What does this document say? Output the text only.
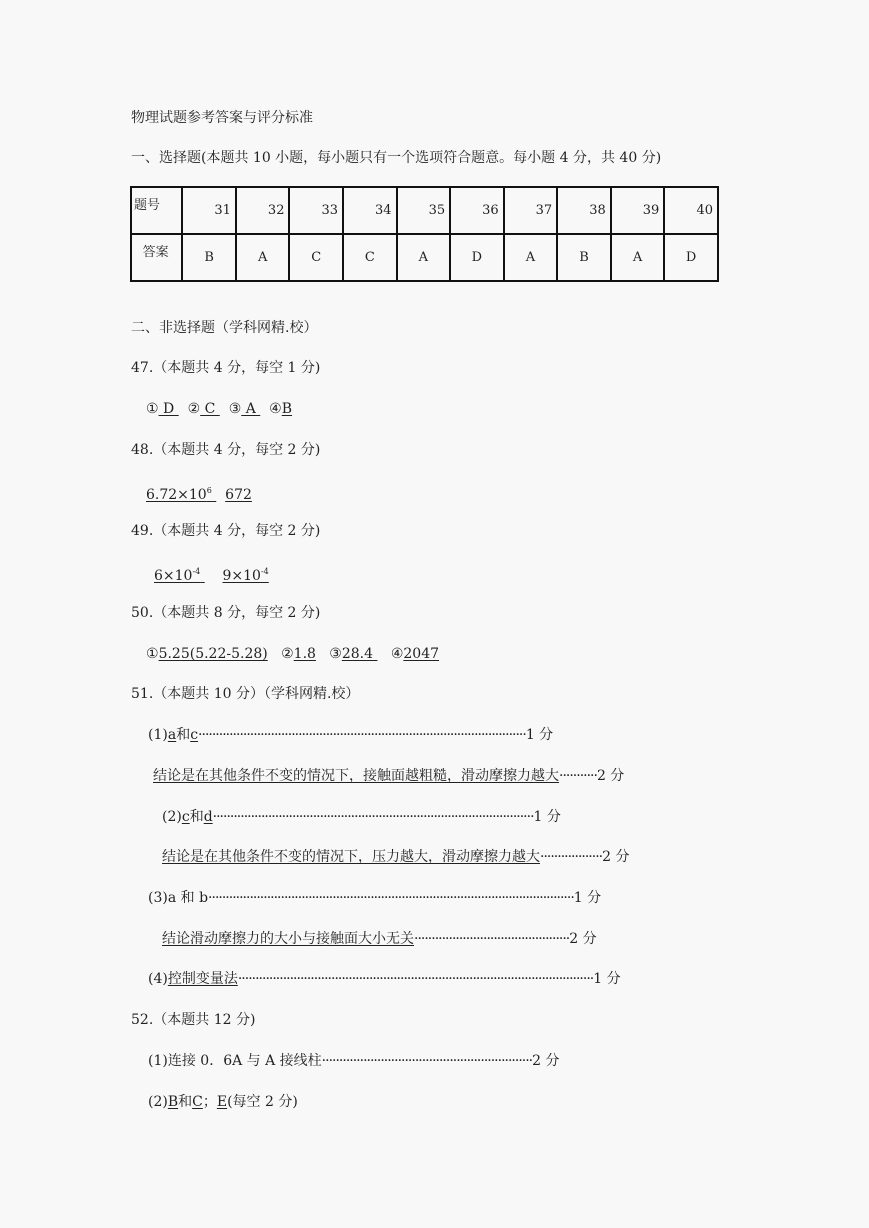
物理试题参考答案与评分标准
一、选择题(本题共 10 小题，每小题只有一个选项符合题意。每小题 4 分，共 40 分)
题号	31	32	33	34	35	36	37	38	39	40
答案	B	A	C	C	A	D	A	B	A	D
二、非选择题（学科网精.校）
47.（本题共 4 分，每空 1 分)
① D   ② C   ③ A   ④B
48.（本题共 4 分，每空 2 分)
$6.72\times 10^6$   672
49.（本题共 4 分，每空 2 分)
$6\times 10^{-4}$ $9\times 10^{-4}$
50.（本题共 8 分，每空 2 分)
①5.25(5.22-5.28) ②1.8 ③28.4    ④2047
51.（本题共 10 分）（学科网精.校）
(1)a和c·······························································································1 分
结论是在其他条件不变的情况下，接触面越粗糙，滑动摩擦力越大···········2 分
(2)c和d·····························································································1 分
结论是在其他条件不变的情况下，压力越大，滑动摩擦力越大··················2 分
(3)a 和 b··········································································································1 分
结论滑动摩擦力的大小与接触面大小无关·············································2 分
(4)控制变量法·······································································································1 分
52.（本题共 12 分)
(1)连接 0．6A 与 A 接线柱·····························································2 分
(2)B和C；E(每空 2 分)
